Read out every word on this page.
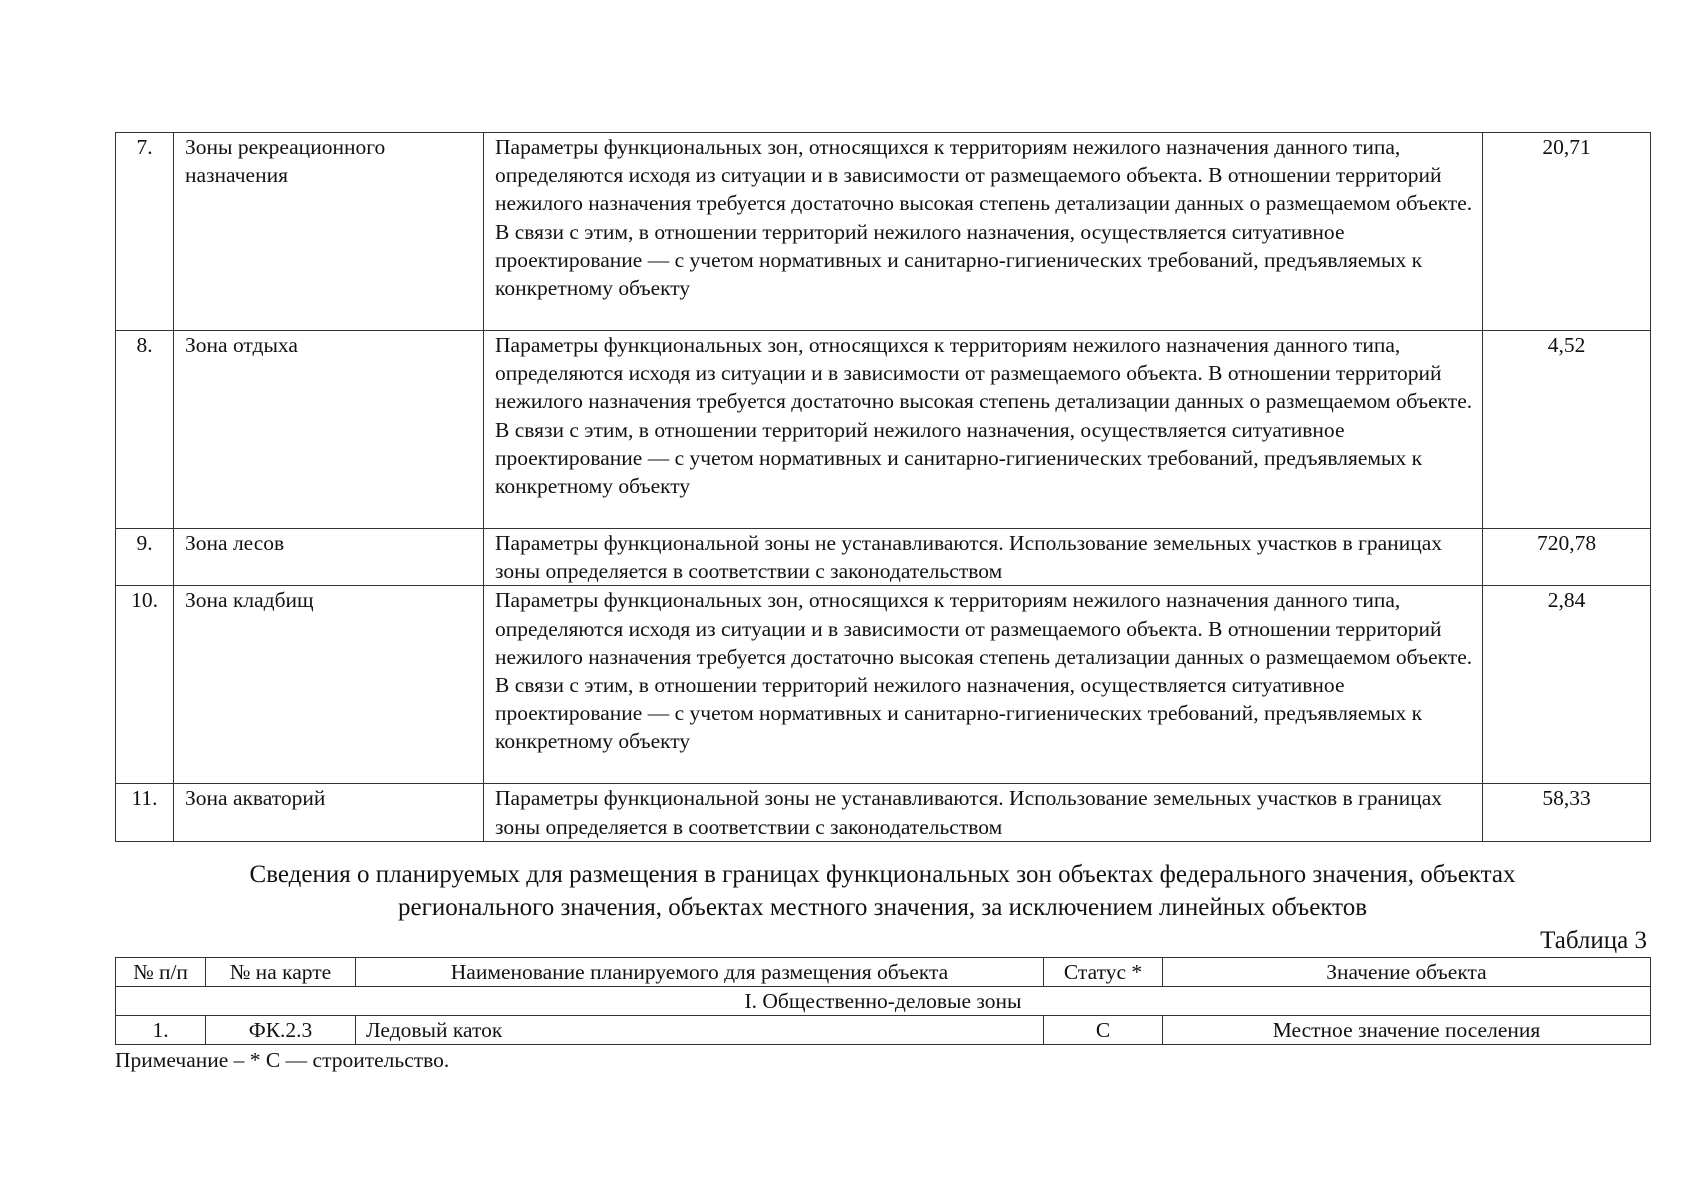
7.	Зоны рекреационного назначения	Параметры функциональных зон, относящихся к территориям нежилого назначения данного типа, определяются исходя из ситуации и в зависимости от размещаемого объекта. В отношении территорий нежилого назначения требуется достаточно высокая степень детализации данных о размещаемом объекте. В связи с этим, в отношении территорий нежилого назначения, осуществляется ситуативное проектирование — с учетом нормативных и санитарно-гигиенических требований, предъявляемых к конкретному объекту	20,71
8.	Зона отдыха	Параметры функциональных зон, относящихся к территориям нежилого назначения данного типа, определяются исходя из ситуации и в зависимости от размещаемого объекта. В отношении территорий нежилого назначения требуется достаточно высокая степень детализации данных о размещаемом объекте. В связи с этим, в отношении территорий нежилого назначения, осуществляется ситуативное проектирование — с учетом нормативных и санитарно-гигиенических требований, предъявляемых к конкретному объекту	4,52
9.	Зона лесов	Параметры функциональной зоны не устанавливаются. Использование земельных участков в границах зоны определяется в соответствии с законодательством	720,78
10.	Зона кладбищ	Параметры функциональных зон, относящихся к территориям нежилого назначения данного типа, определяются исходя из ситуации и в зависимости от размещаемого объекта. В отношении территорий нежилого назначения требуется достаточно высокая степень детализации данных о размещаемом объекте. В связи с этим, в отношении территорий нежилого назначения, осуществляется ситуативное проектирование — с учетом нормативных и санитарно-гигиенических требований, предъявляемых к конкретному объекту	2,84
11.	Зона акваторий	Параметры функциональной зоны не устанавливаются. Использование земельных участков в границах зоны определяется в соответствии с законодательством	58,33
Сведения о планируемых для размещения в границах функциональных зон объектах федерального значения, объектах
регионального значения, объектах местного значения, за исключением линейных объектов
Таблица 3
№ п/п	№ на карте	Наименование планируемого для размещения объекта	Статус *	Значение объекта
I. Общественно-деловые зоны				
1.	ФК.2.3	Ледовый каток	С	Местное значение поселения
Примечание – * С — строительство.
